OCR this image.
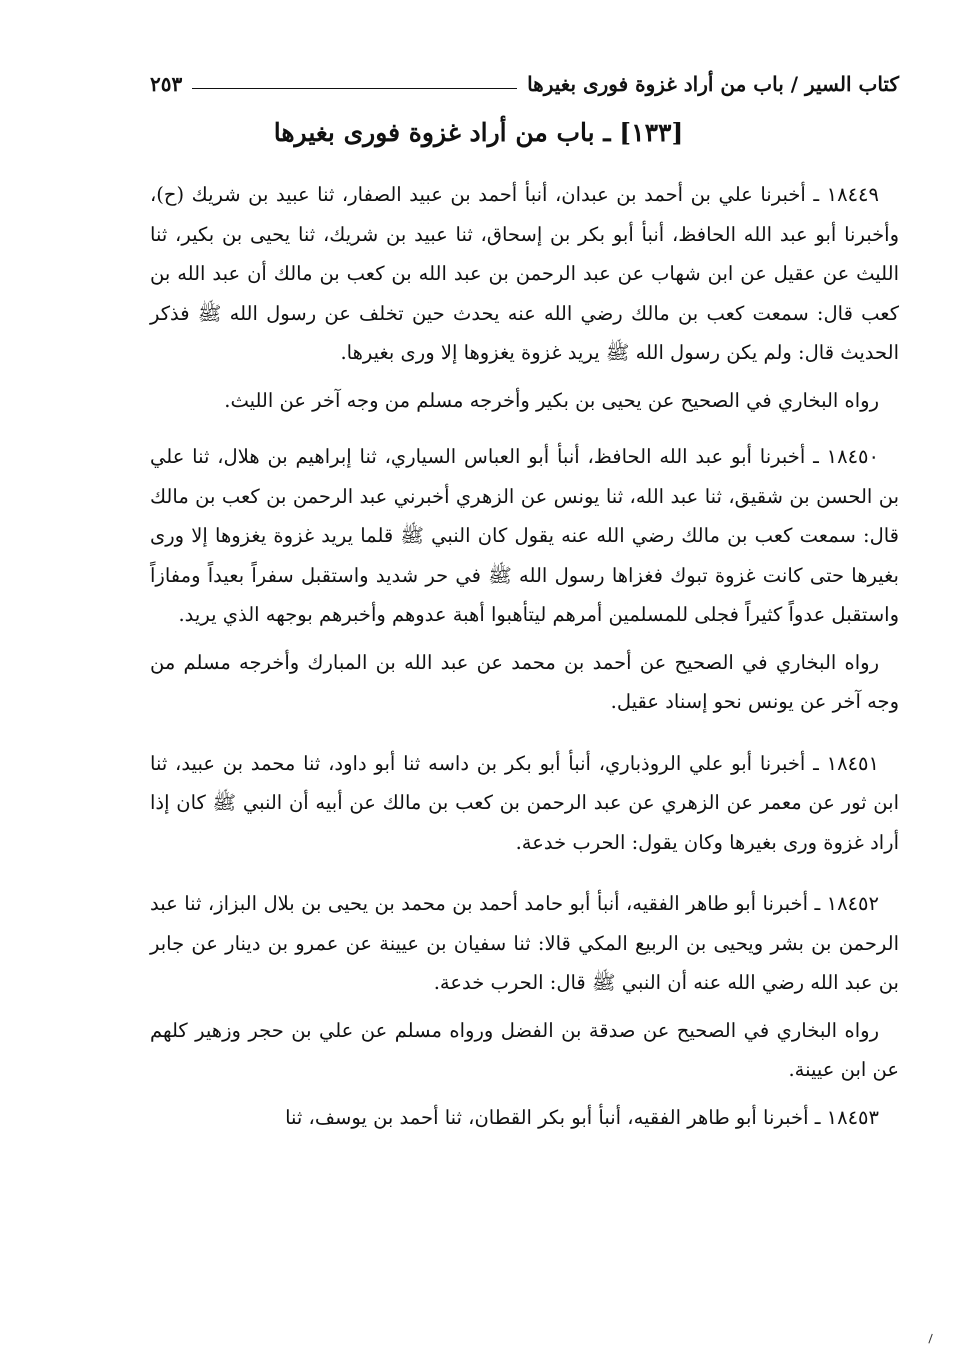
كتاب السير / باب من أراد غزوة فورى بغيرها
٢٥٣
[١٣٣] ـ باب من أراد غزوة فورى بغيرها

١٨٤٤٩ ـ أخبرنا علي بن أحمد بن عبدان، أنبأ أحمد بن عبيد الصفار، ثنا عبيد بن شريك (ح)، وأخبرنا أبو عبد الله الحافظ، أنبأ أبو بكر بن إسحاق، ثنا عبيد بن شريك، ثنا يحيى بن بكير، ثنا الليث عن عقيل عن ابن شهاب عن عبد الرحمن بن عبد الله بن كعب بن مالك أن عبد الله بن كعب قال: سمعت كعب بن مالك رضي الله عنه يحدث حين تخلف عن رسول الله ﷺ فذكر الحديث قال: ولم يكن رسول الله ﷺ يريد غزوة يغزوها إلا ورى بغيرها.

رواه البخاري في الصحيح عن يحيى بن بكير وأخرجه مسلم من وجه آخر عن الليث.

١٨٤٥٠ ـ أخبرنا أبو عبد الله الحافظ، أنبأ أبو العباس السياري، ثنا إبراهيم بن هلال، ثنا علي بن الحسن بن شقيق، ثنا عبد الله، ثنا يونس عن الزهري أخبرني عبد الرحمن بن كعب بن مالك قال: سمعت كعب بن مالك رضي الله عنه يقول كان النبي ﷺ قلما يريد غزوة يغزوها إلا ورى بغيرها حتى كانت غزوة تبوك فغزاها رسول الله ﷺ في حر شديد واستقبل سفراً بعيداً ومفازاً واستقبل عدواً كثيراً فجلى للمسلمين أمرهم ليتأهبوا أهبة عدوهم وأخبرهم بوجهه الذي يريد.

رواه البخاري في الصحيح عن أحمد بن محمد عن عبد الله بن المبارك وأخرجه مسلم من وجه آخر عن يونس نحو إسناد عقيل.

١٨٤٥١ ـ أخبرنا أبو علي الروذباري، أنبأ أبو بكر بن داسه ثنا أبو داود، ثنا محمد بن عبيد، ثنا ابن ثور عن معمر عن الزهري عن عبد الرحمن بن كعب بن مالك عن أبيه أن النبي ﷺ كان إذا أراد غزوة ورى بغيرها وكان يقول: الحرب خدعة.

١٨٤٥٢ ـ أخبرنا أبو طاهر الفقيه، أنبأ أبو حامد أحمد بن محمد بن يحيى بن بلال البزاز، ثنا عبد الرحمن بن بشر ويحيى بن الربيع المكي قالا: ثنا سفيان بن عيينة عن عمرو بن دينار عن جابر بن عبد الله رضي الله عنه أن النبي ﷺ قال: الحرب خدعة.

رواه البخاري في الصحيح عن صدقة بن الفضل ورواه مسلم عن علي بن حجر وزهير كلهم عن ابن عيينة.

١٨٤٥٣ ـ أخبرنا أبو طاهر الفقيه، أنبأ أبو بكر القطان، ثنا أحمد بن يوسف، ثنا
